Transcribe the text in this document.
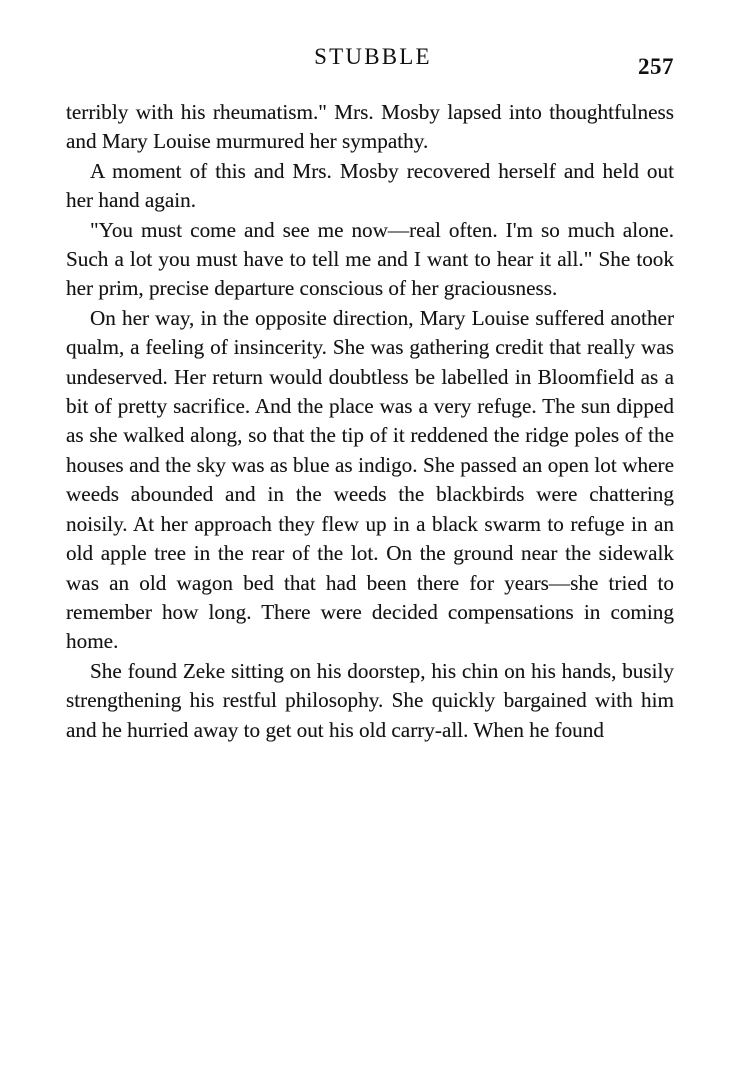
STUBBLE	257

terribly with his rheumatism." Mrs. Mosby lapsed into thoughtfulness and Mary Louise murmured her sympathy.

A moment of this and Mrs. Mosby recovered herself and held out her hand again.

"You must come and see me now—real often. I'm so much alone. Such a lot you must have to tell me and I want to hear it all." She took her prim, precise departure conscious of her graciousness.

On her way, in the opposite direction, Mary Louise suffered another qualm, a feeling of insincerity. She was gathering credit that really was undeserved. Her return would doubtless be labelled in Bloomfield as a bit of pretty sacrifice. And the place was a very refuge. The sun dipped as she walked along, so that the tip of it reddened the ridge poles of the houses and the sky was as blue as indigo. She passed an open lot where weeds abounded and in the weeds the blackbirds were chattering noisily. At her approach they flew up in a black swarm to refuge in an old apple tree in the rear of the lot. On the ground near the sidewalk was an old wagon bed that had been there for years—she tried to remember how long. There were decided compensations in coming home.

She found Zeke sitting on his doorstep, his chin on his hands, busily strengthening his restful philosophy. She quickly bargained with him and he hurried away to get out his old carry-all. When he found
